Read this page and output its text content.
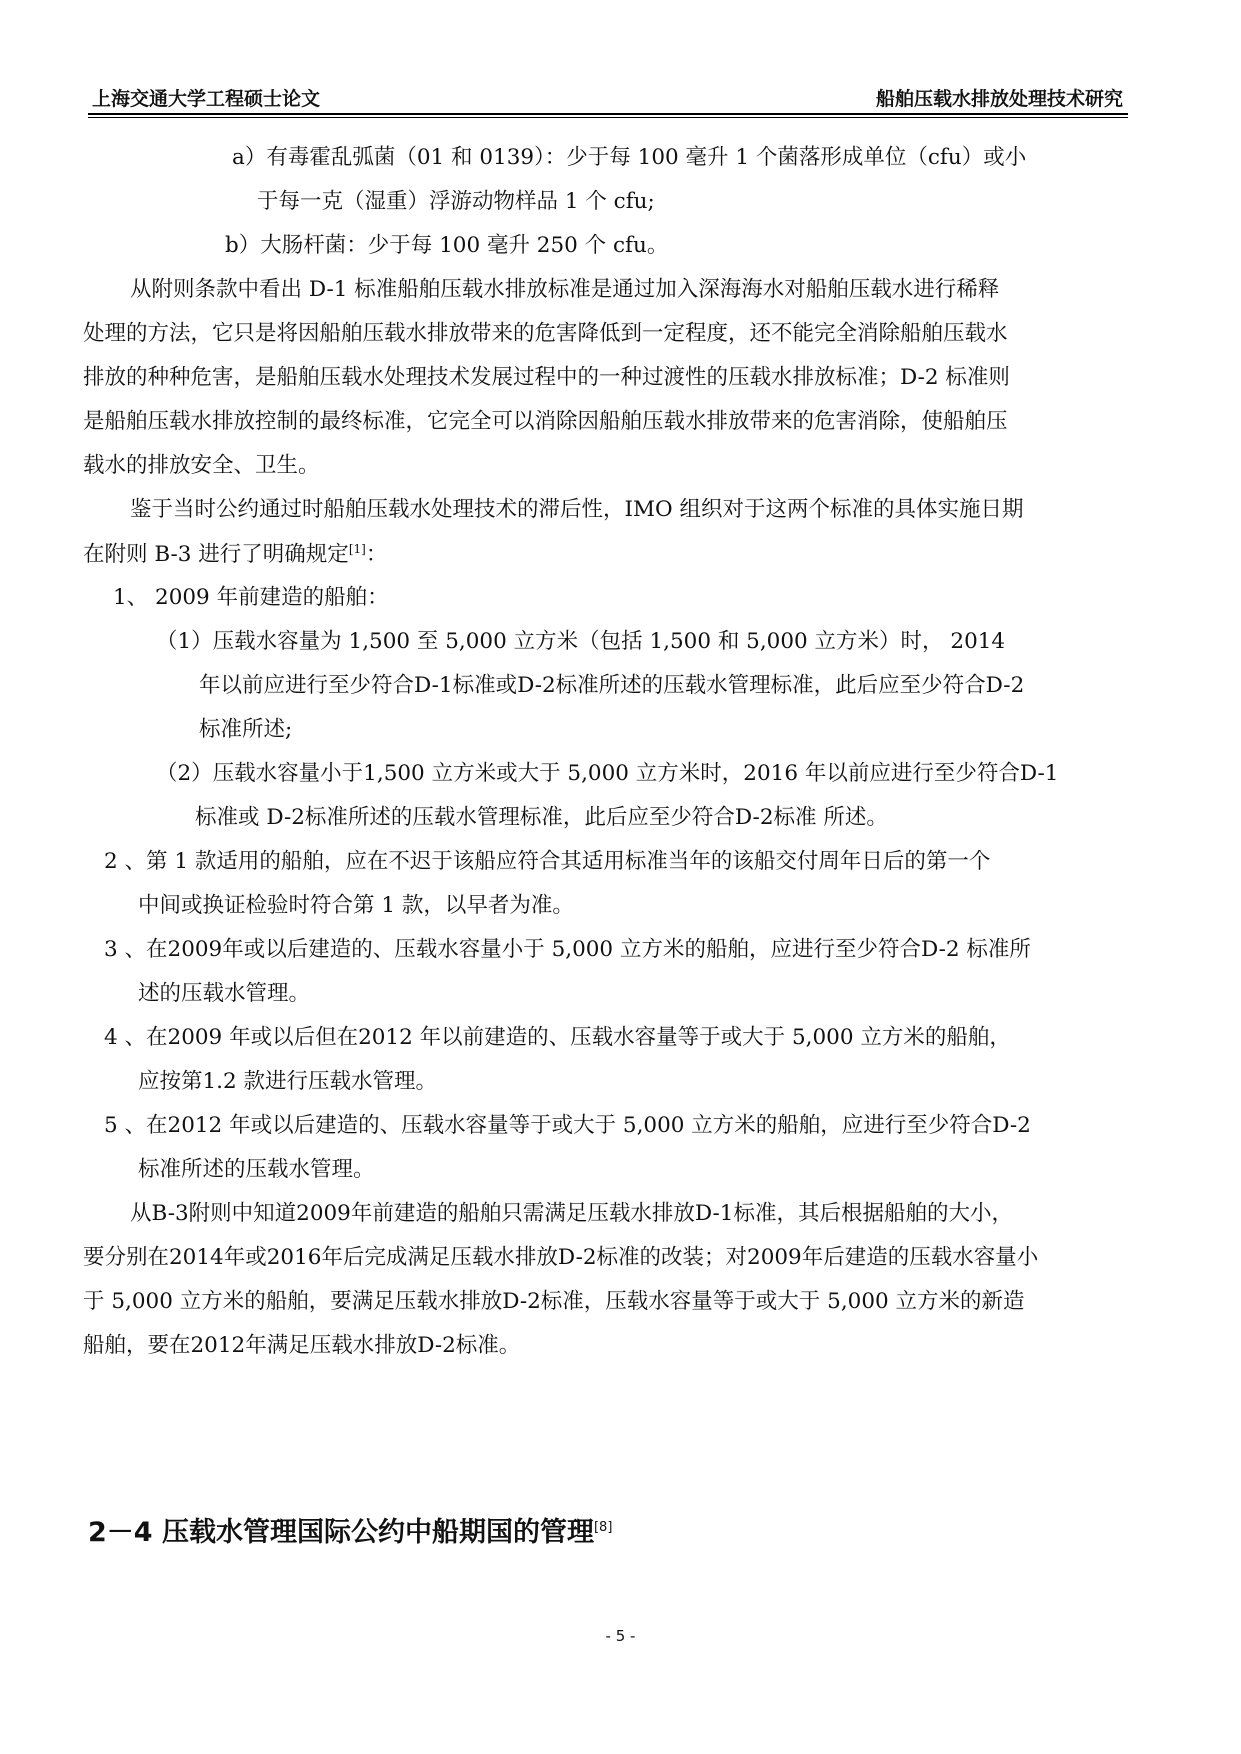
上海交通大学工程硕士论文	船舶压载水排放处理技术研究
a）有毒霍乱弧菌（01 和 0139）：少于每 100 毫升 1 个菌落形成单位（cfu）或小
于每一克（湿重）浮游动物样品 1 个 cfu;
b）大肠杆菌：少于每 100 毫升 250 个 cfu。
从附则条款中看出 D-1 标准船舶压载水排放标准是通过加入深海海水对船舶压载水进行稀释
处理的方法，它只是将因船舶压载水排放带来的危害降低到一定程度，还不能完全消除船舶压载水
排放的种种危害，是船舶压载水处理技术发展过程中的一种过渡性的压载水排放标准；D-2 标准则
是船舶压载水排放控制的最终标准，它完全可以消除因船舶压载水排放带来的危害消除，使船舶压
载水的排放安全、卫生。
鉴于当时公约通过时船舶压载水处理技术的滞后性，IMO 组织对于这两个标准的具体实施日期
在附则 B-3 进行了明确规定[1]：
1、 2009 年前建造的船舶：
（1）压载水容量为 1,500 至 5,000 立方米（包括 1,500 和 5,000 立方米）时， 2014
年以前应进行至少符合D-1标准或D-2标准所述的压载水管理标准，此后应至少符合D-2
标准所述;
（2）压载水容量小于1,500 立方米或大于 5,000 立方米时，2016 年以前应进行至少符合D-1
标准或 D-2标准所述的压载水管理标准，此后应至少符合D-2标准 所述。
2 、第 1 款适用的船舶，应在不迟于该船应符合其适用标准当年的该船交付周年日后的第一个
中间或换证检验时符合第 1 款，以早者为准。
3 、在2009年或以后建造的、压载水容量小于 5,000 立方米的船舶，应进行至少符合D-2 标准所
述的压载水管理。
4 、在2009 年或以后但在2012 年以前建造的、压载水容量等于或大于 5,000 立方米的船舶，
应按第1.2 款进行压载水管理。
5 、在2012 年或以后建造的、压载水容量等于或大于 5,000 立方米的船舶，应进行至少符合D-2
标准所述的压载水管理。
从B-3附则中知道2009年前建造的船舶只需满足压载水排放D-1标准，其后根据船舶的大小，
要分别在2014年或2016年后完成满足压载水排放D-2标准的改装；对2009年后建造的压载水容量小
于 5,000 立方米的船舶，要满足压载水排放D-2标准，压载水容量等于或大于 5,000 立方米的新造
船舶，要在2012年满足压载水排放D-2标准。
2－4 压载水管理国际公约中船期国的管理[8]
- 5 -
